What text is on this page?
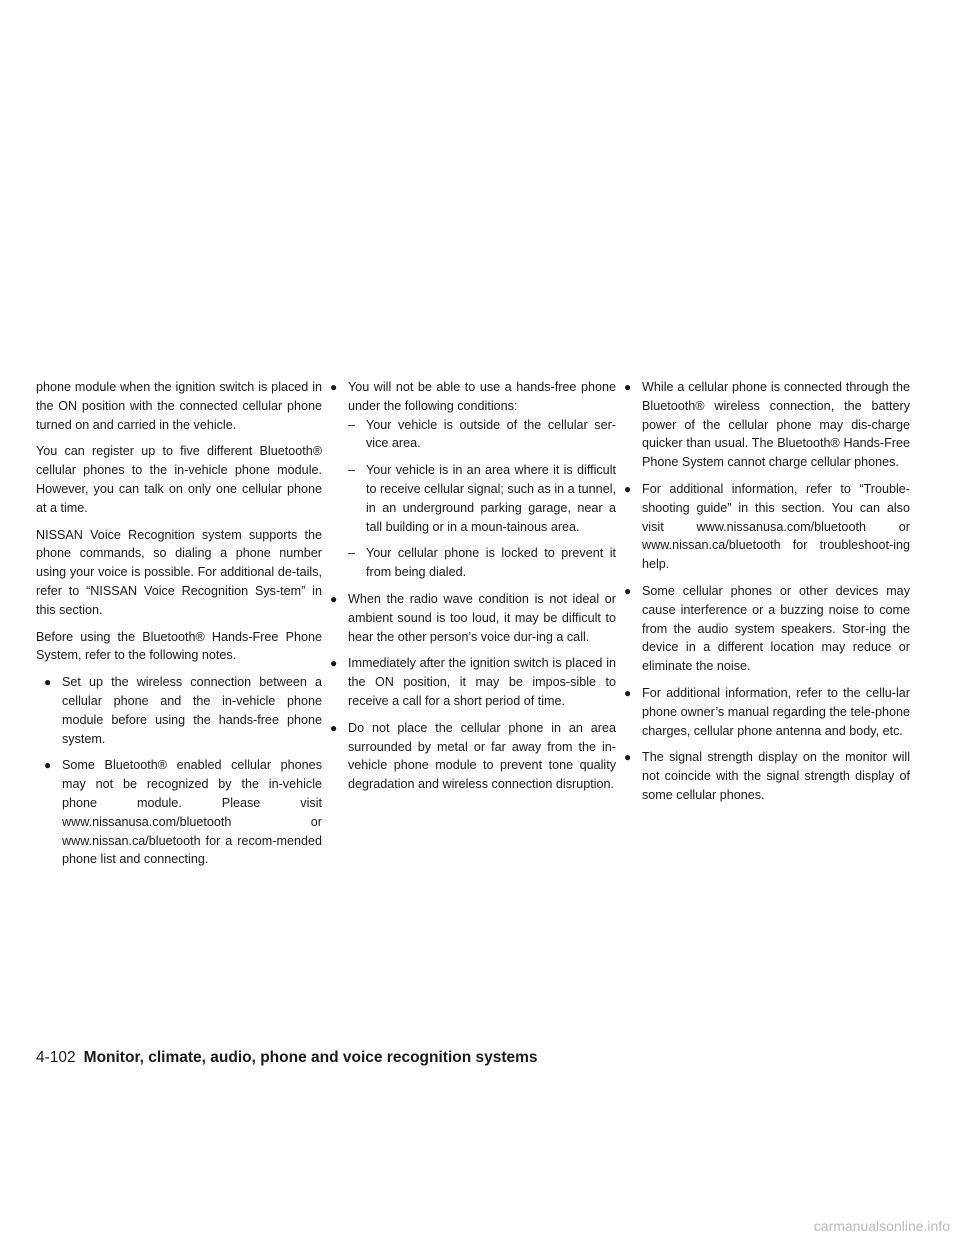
phone module when the ignition switch is placed in the ON position with the connected cellular phone turned on and carried in the vehicle.

You can register up to five different Bluetooth® cellular phones to the in-vehicle phone module. However, you can talk on only one cellular phone at a time.

NISSAN Voice Recognition system supports the phone commands, so dialing a phone number using your voice is possible. For additional de-tails, refer to “NISSAN Voice Recognition Sys-tem” in this section.

Before using the Bluetooth® Hands-Free Phone System, refer to the following notes.

● Set up the wireless connection between a cellular phone and the in-vehicle phone module before using the hands-free phone system.
● Some Bluetooth® enabled cellular phones may not be recognized by the in-vehicle phone module. Please visit www.nissanusa.com/bluetooth or www.nissan.ca/bluetooth for a recom-mended phone list and connecting.
● You will not be able to use a hands-free phone under the following conditions:
– Your vehicle is outside of the cellular ser-vice area.
– Your vehicle is in an area where it is difficult to receive cellular signal; such as in a tunnel, in an underground parking garage, near a tall building or in a moun-tainous area.
– Your cellular phone is locked to prevent it from being dialed.
● When the radio wave condition is not ideal or ambient sound is too loud, it may be difficult to hear the other person’s voice dur-ing a call.
● Immediately after the ignition switch is placed in the ON position, it may be impos-sible to receive a call for a short period of time.
● Do not place the cellular phone in an area surrounded by metal or far away from the in-vehicle phone module to prevent tone quality degradation and wireless connection disruption.
● While a cellular phone is connected through the Bluetooth® wireless connection, the battery power of the cellular phone may dis-charge quicker than usual. The Bluetooth® Hands-Free Phone System cannot charge cellular phones.
● For additional information, refer to “Trouble-shooting guide” in this section. You can also visit www.nissanusa.com/bluetooth or www.nissan.ca/bluetooth for troubleshoot-ing help.
● Some cellular phones or other devices may cause interference or a buzzing noise to come from the audio system speakers. Stor-ing the device in a different location may reduce or eliminate the noise.
● For additional information, refer to the cellu-lar phone owner’s manual regarding the tele-phone charges, cellular phone antenna and body, etc.
● The signal strength display on the monitor will not coincide with the signal strength display of some cellular phones.
4-102 Monitor, climate, audio, phone and voice recognition systems
carmanualsonline.info
